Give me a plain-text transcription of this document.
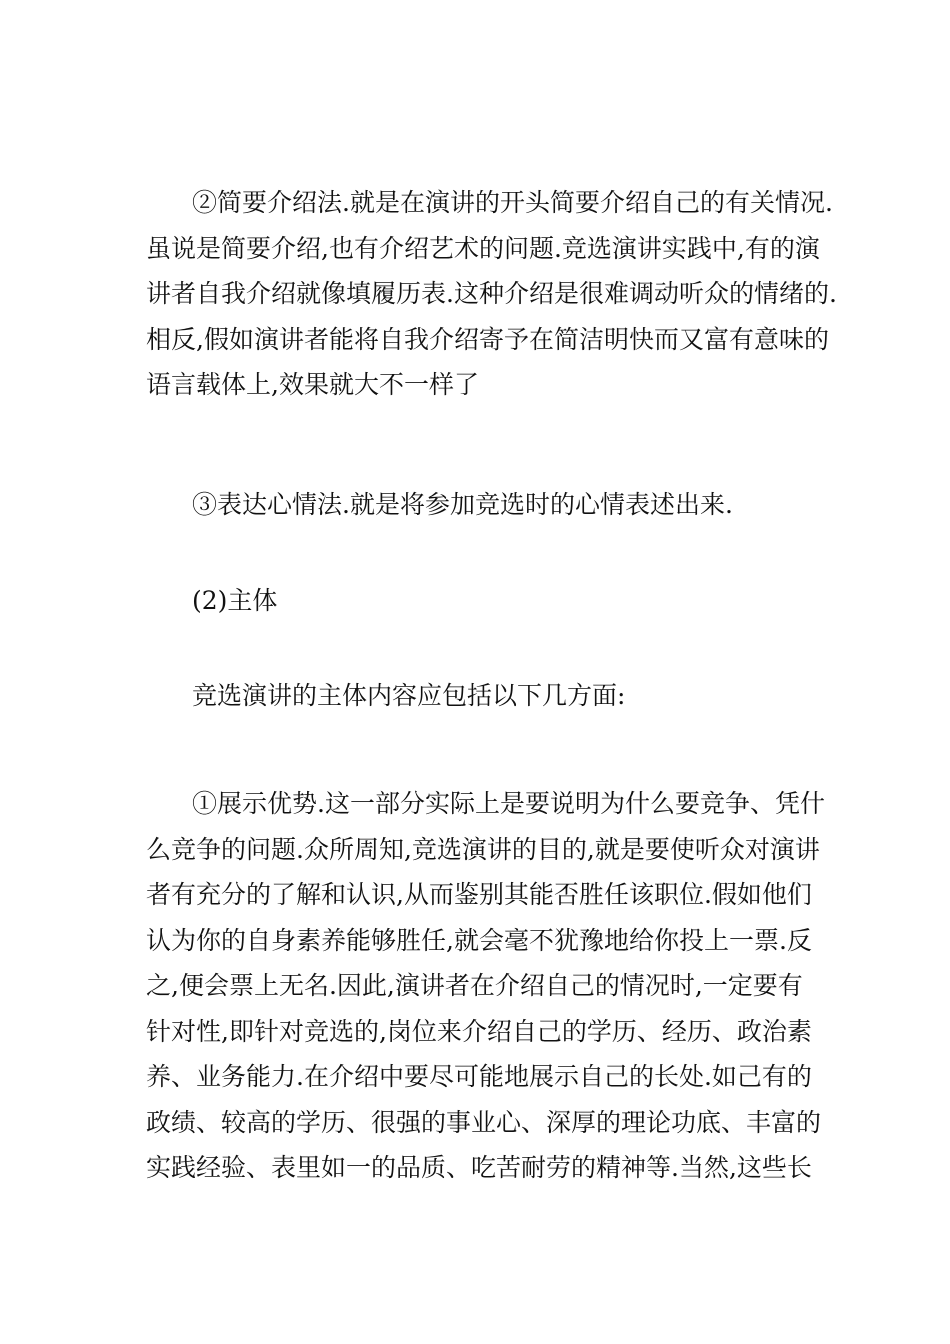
②简要介绍法.就是在演讲的开头简要介绍自己的有关情况.
虽说是简要介绍,也有介绍艺术的问题.竞选演讲实践中,有的演
讲者自我介绍就像填履历表.这种介绍是很难调动听众的情绪的.
相反,假如演讲者能将自我介绍寄予在简洁明快而又富有意味的
语言载体上,效果就大不一样了
③表达心情法.就是将参加竞选时的心情表述出来.
(2)主体
竞选演讲的主体内容应包括以下几方面:
①展示优势.这一部分实际上是要说明为什么要竞争、凭什
么竞争的问题.众所周知,竞选演讲的目的,就是要使听众对演讲
者有充分的了解和认识,从而鉴别其能否胜任该职位.假如他们
认为你的自身素养能够胜任,就会毫不犹豫地给你投上一票.反
之,便会票上无名.因此,演讲者在介绍自己的情况时,一定要有
针对性,即针对竞选的,岗位来介绍自己的学历、经历、政治素
养、业务能力.在介绍中要尽可能地展示自己的长处.如己有的
政绩、较高的学历、很强的事业心、深厚的理论功底、丰富的
实践经验、表里如一的品质、吃苦耐劳的精神等.当然,这些长
